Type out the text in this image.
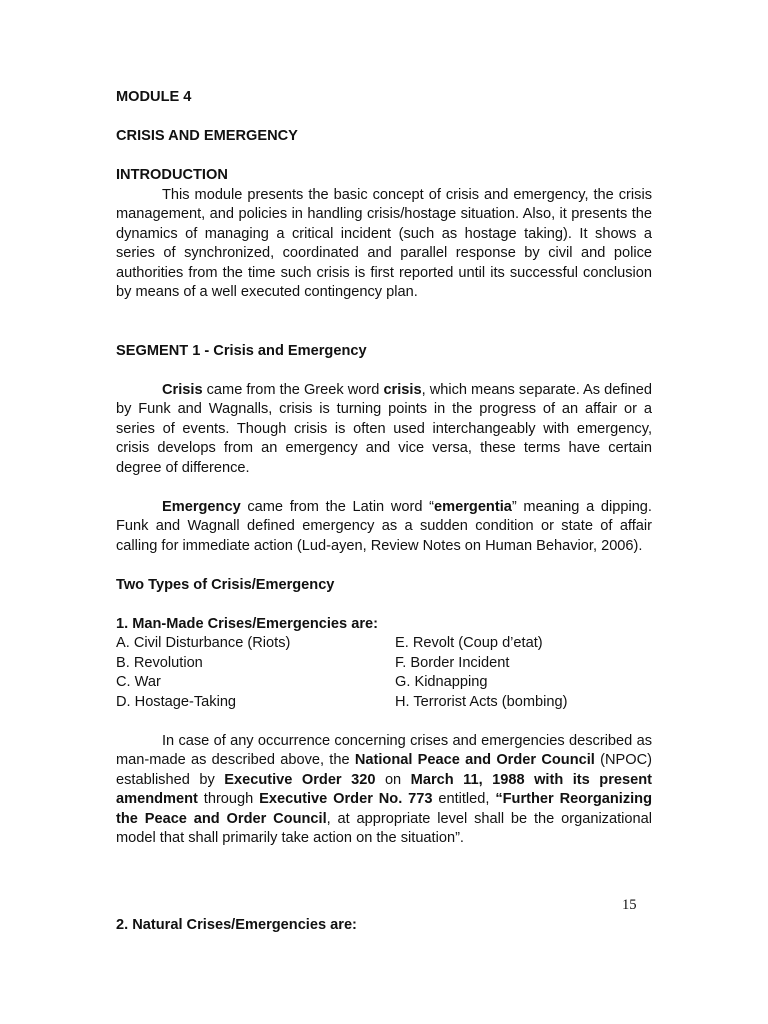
MODULE 4
CRISIS AND EMERGENCY
INTRODUCTION
This module presents the basic concept of crisis and emergency, the crisis management, and policies in handling crisis/hostage situation. Also, it presents the dynamics of managing a critical incident (such as hostage taking). It shows a series of synchronized, coordinated and parallel response by civil and police authorities from the time such crisis is first reported until its successful conclusion by means of a well executed contingency plan.
SEGMENT 1 - Crisis and Emergency
Crisis came from the Greek word crisis, which means separate. As defined by Funk and Wagnalls, crisis is turning points in the progress of an affair or a series of events. Though crisis is often used interchangeably with emergency, crisis develops from an emergency and vice versa, these terms have certain degree of difference.
Emergency came from the Latin word “emergentia” meaning a dipping. Funk and Wagnall defined emergency as a sudden condition or state of affair calling for immediate action (Lud-ayen, Review Notes on Human Behavior, 2006).
Two Types of Crisis/Emergency
1. Man-Made Crises/Emergencies are:
A. Civil Disturbance (Riots)	E. Revolt (Coup d’etat)
B. Revolution	F. Border Incident
C. War	G. Kidnapping
D. Hostage-Taking	H. Terrorist Acts (bombing)
In case of any occurrence concerning crises and emergencies described as man-made as described above, the National Peace and Order Council (NPOC) established by Executive Order 320 on March 11, 1988 with its present amendment through Executive Order No. 773 entitled, “Further Reorganizing the Peace and Order Council, at appropriate level shall be the organizational model that shall primarily take action on the situation”.
15
2. Natural Crises/Emergencies are:
